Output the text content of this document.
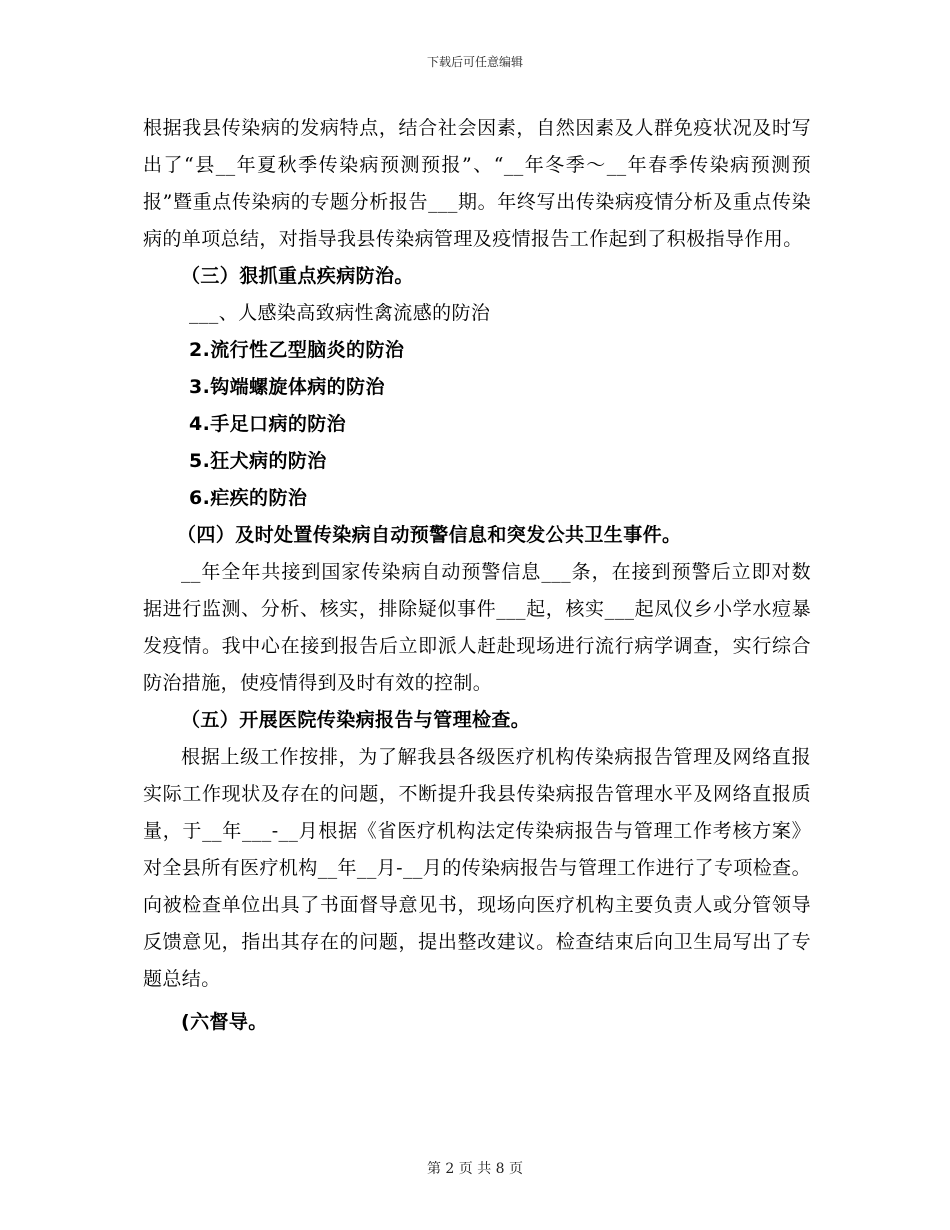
下载后可任意编辑

根据我县传染病的发病特点，结合社会因素，自然因素及人群免疫状况及时写出了“县__年夏秋季传染病预测预报”、“__年冬季～__年春季传染病预测预报”暨重点传染病的专题分析报告___期。年终写出传染病疫情分析及重点传染病的单项总结，对指导我县传染病管理及疫情报告工作起到了积极指导作用。

（三）狠抓重点疾病防治。

___、人感染高致病性禽流感的防治

2.流行性乙型脑炎的防治

3.钩端螺旋体病的防治

4.手足口病的防治

5.狂犬病的防治

6.疟疾的防治

（四）及时处置传染病自动预警信息和突发公共卫生事件。

__年全年共接到国家传染病自动预警信息___条，在接到预警后立即对数据进行监测、分析、核实，排除疑似事件___起，核实___起凤仪乡小学水痘暴发疫情。我中心在接到报告后立即派人赶赴现场进行流行病学调查，实行综合防治措施，使疫情得到及时有效的控制。

（五）开展医院传染病报告与管理检查。

根据上级工作按排，为了解我县各级医疗机构传染病报告管理及网络直报实际工作现状及存在的问题，不断提升我县传染病报告管理水平及网络直报质量，于__年___-__月根据《省医疗机构法定传染病报告与管理工作考核方案》对全县所有医疗机构__年__月-__月的传染病报告与管理工作进行了专项检查。向被检查单位出具了书面督导意见书，现场向医疗机构主要负责人或分管领导反馈意见，指出其存在的问题，提出整改建议。检查结束后向卫生局写出了专题总结。

(六督导。

第 2 页 共 8 页
